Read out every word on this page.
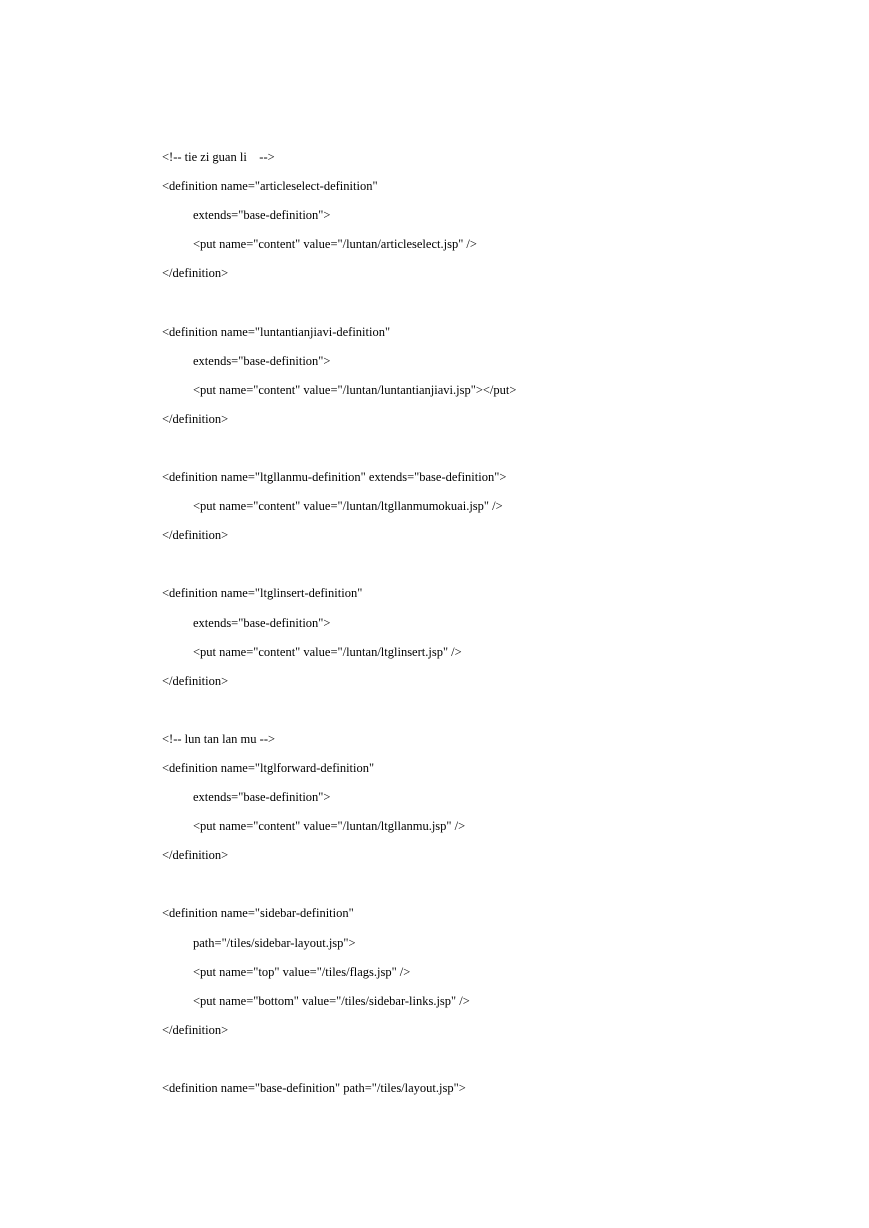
<!-- tie zi guan li    -->
<definition name="articleselect-definition"
extends="base-definition">
<put name="content" value="/luntan/articleselect.jsp" />
</definition>
<definition name="luntantianjiavi-definition"
extends="base-definition">
<put name="content" value="/luntan/luntantianjiavi.jsp"></put>
</definition>
<definition name="ltgllanmu-definition" extends="base-definition">
<put name="content" value="/luntan/ltgllanmumokuai.jsp" />
</definition>
<definition name="ltglinsert-definition"
extends="base-definition">
<put name="content" value="/luntan/ltglinsert.jsp" />
</definition>
<!-- lun tan lan mu -->
<definition name="ltglforward-definition"
extends="base-definition">
<put name="content" value="/luntan/ltgllanmu.jsp" />
</definition>
<definition name="sidebar-definition"
path="/tiles/sidebar-layout.jsp">
<put name="top" value="/tiles/flags.jsp" />
<put name="bottom" value="/tiles/sidebar-links.jsp" />
</definition>
<definition name="base-definition" path="/tiles/layout.jsp">
